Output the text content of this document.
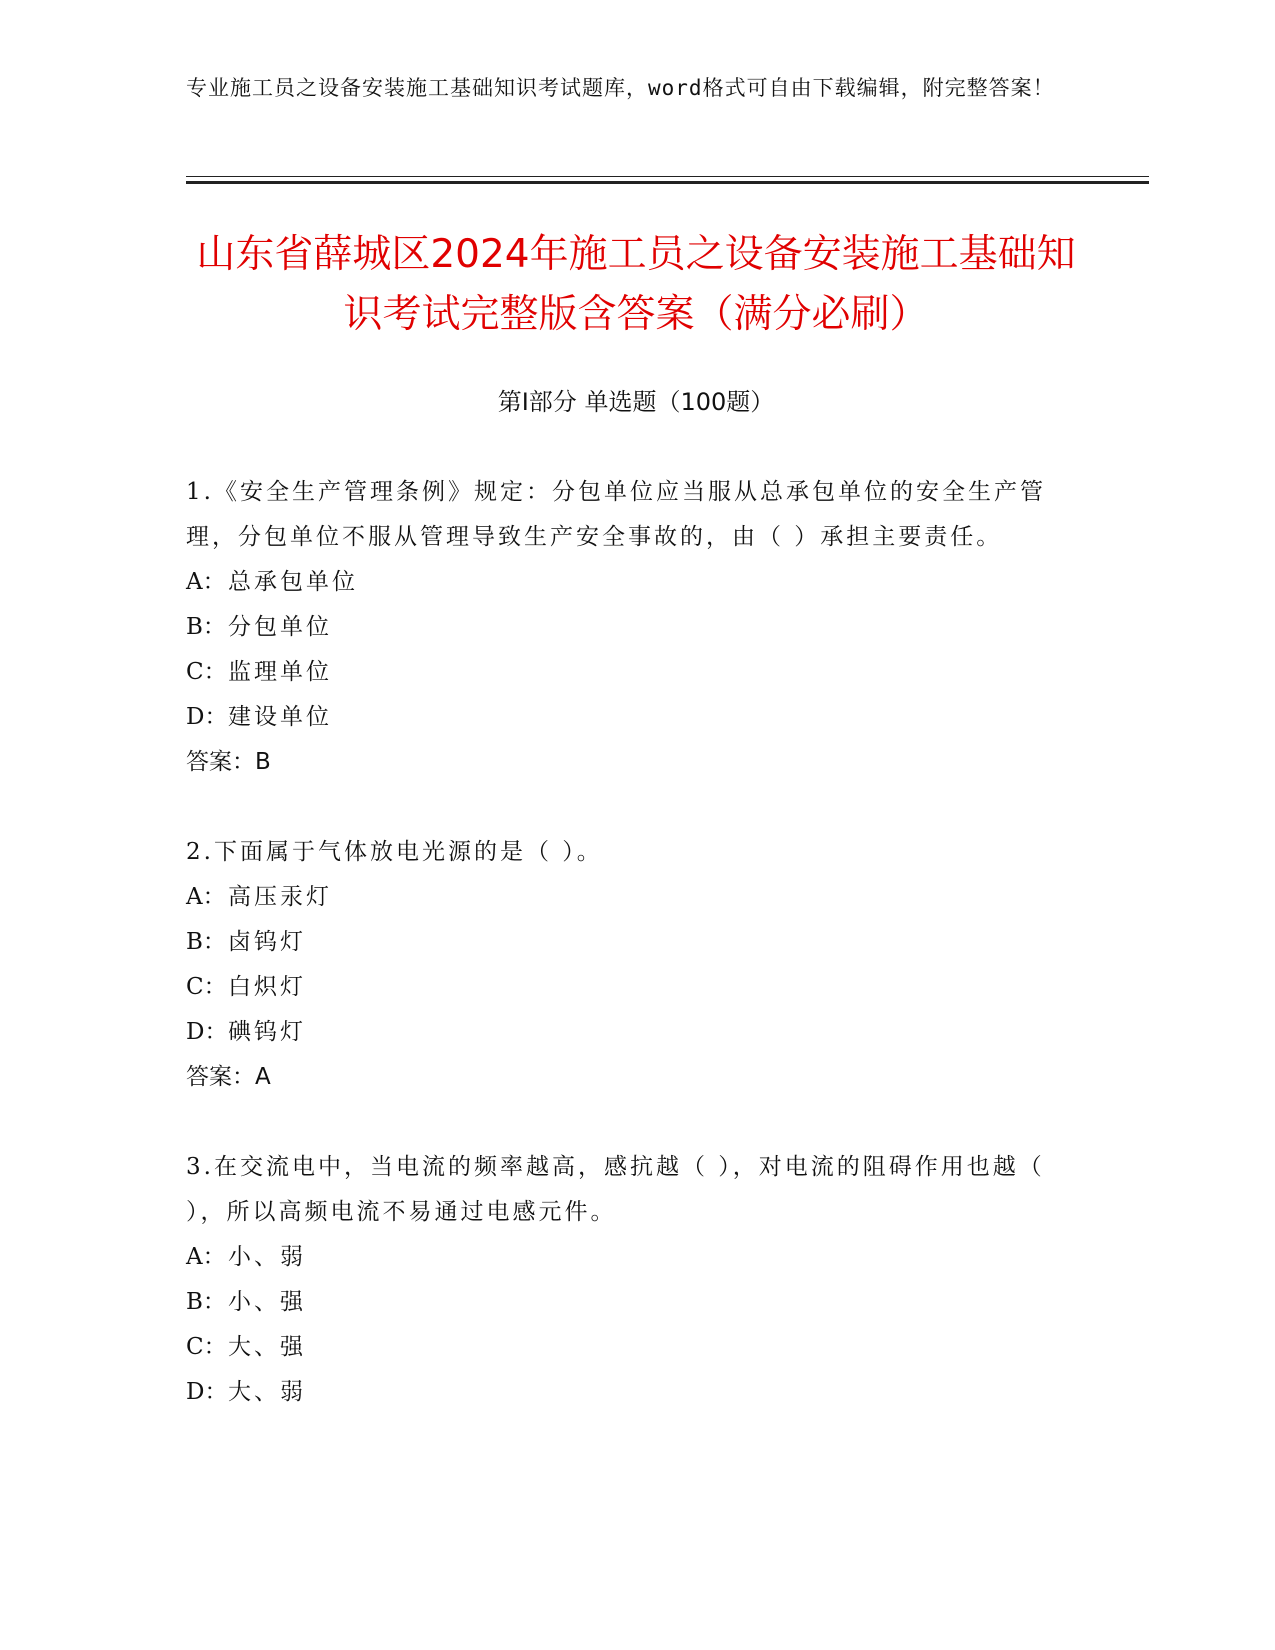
专业施工员之设备安装施工基础知识考试题库，word格式可自由下载编辑，附完整答案！
山东省薛城区2024年施工员之设备安装施工基础知识考试完整版含答案（满分必刷）
第I部分 单选题（100题）
1.《安全生产管理条例》规定：分包单位应当服从总承包单位的安全生产管理，分包单位不服从管理导致生产安全事故的，由（ ）承担主要责任。
A： 总承包单位
B：分包单位
C：监理单位
D：建设单位
答案：B
2.下面属于气体放电光源的是（ ）。
A： 高压汞灯
B：卤钨灯
C：白炽灯
D：碘钨灯
答案：A
3.在交流电中，当电流的频率越高，感抗越（ ），对电流的阻碍作用也越（ ），所以高频电流不易通过电感元件。
A： 小、弱
B：小、强
C：大、强
D：大、弱
